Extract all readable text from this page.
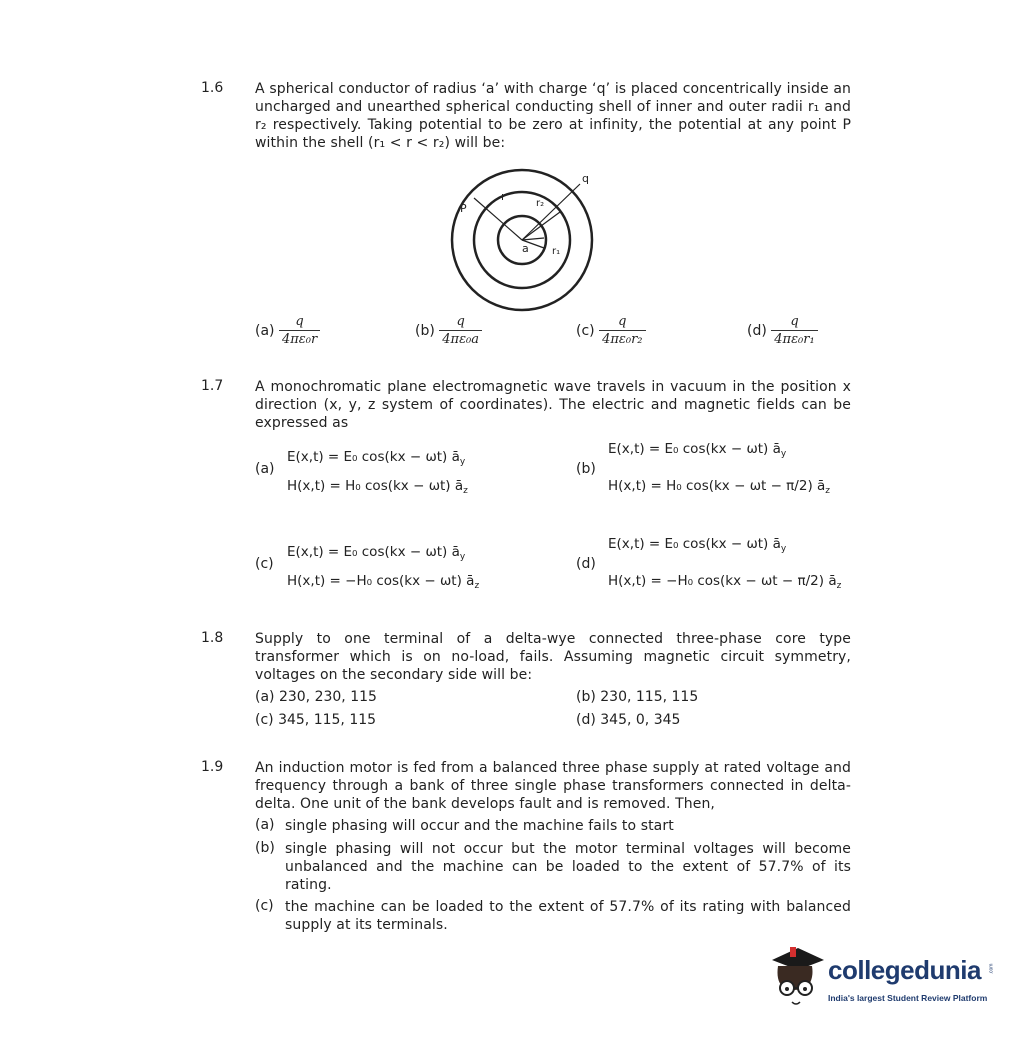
1.6 A spherical conductor of radius ‘a’ with charge ‘q’ is placed concentrically inside an uncharged and unearthed spherical conducting shell of inner and outer radii r₁ and r₂ respectively. Taking potential to be zero at infinity, the potential at any point P within the shell (r₁ < r < r₂) will be:
q
r
r₂
P
a r₁
$(a) \frac{q}{\text{4πε₀r}}$	$(b) \frac{q}{\text{4πε₀a}}$	$(c) \frac{q}{\text{4πε₀r₂}}$	$(d) \frac{q}{\text{4πε₀r₁}}$
1.7 A monochromatic plane electromagnetic wave travels in vacuum in the position x direction (x, y, z system of coordinates). The electric and magnetic fields can be expressed as
(a)
E(x,t) = E₀ cos(kx − ωt) $ā_y$
H(x,t) = H₀ cos(kx − ωt) $ā_z$
(b)
E(x,t) = E₀ cos(kx − ωt) $ā_y$
H(x,t) = H₀ cos(kx − ωt − π/2) $ā_z$
(c)
E(x,t) = E₀ cos(kx − ωt) $ā_y$
H(x,t) = −H₀ cos(kx − ωt) $ā_z$
(d)
E(x,t) = E₀ cos(kx − ωt) $ā_y$
H(x,t) = −H₀ cos(kx − ωt − π/2) $ā_z$
1.8 Supply to one terminal of a delta-wye connected three-phase core type transformer which is on no-load, fails. Assuming magnetic circuit symmetry, voltages on the secondary side will be:
(a) 230, 230, 115	(b) 230, 115, 115
(c) 345, 115, 115	(d) 345, 0, 345
1.9 An induction motor is fed from a balanced three phase supply at rated voltage and frequency through a bank of three single phase transformers connected in delta-delta. One unit of the bank develops fault and is removed. Then,
(a) single phasing will occur and the machine fails to start
(b) single phasing will not occur but the motor terminal voltages will become unbalanced and the machine can be loaded to the extent of 57.7% of its rating.
(c) the machine can be loaded to the extent of 57.7% of its rating with balanced supply at its terminals.
collegedunia .com
India's largest Student Review Platform
